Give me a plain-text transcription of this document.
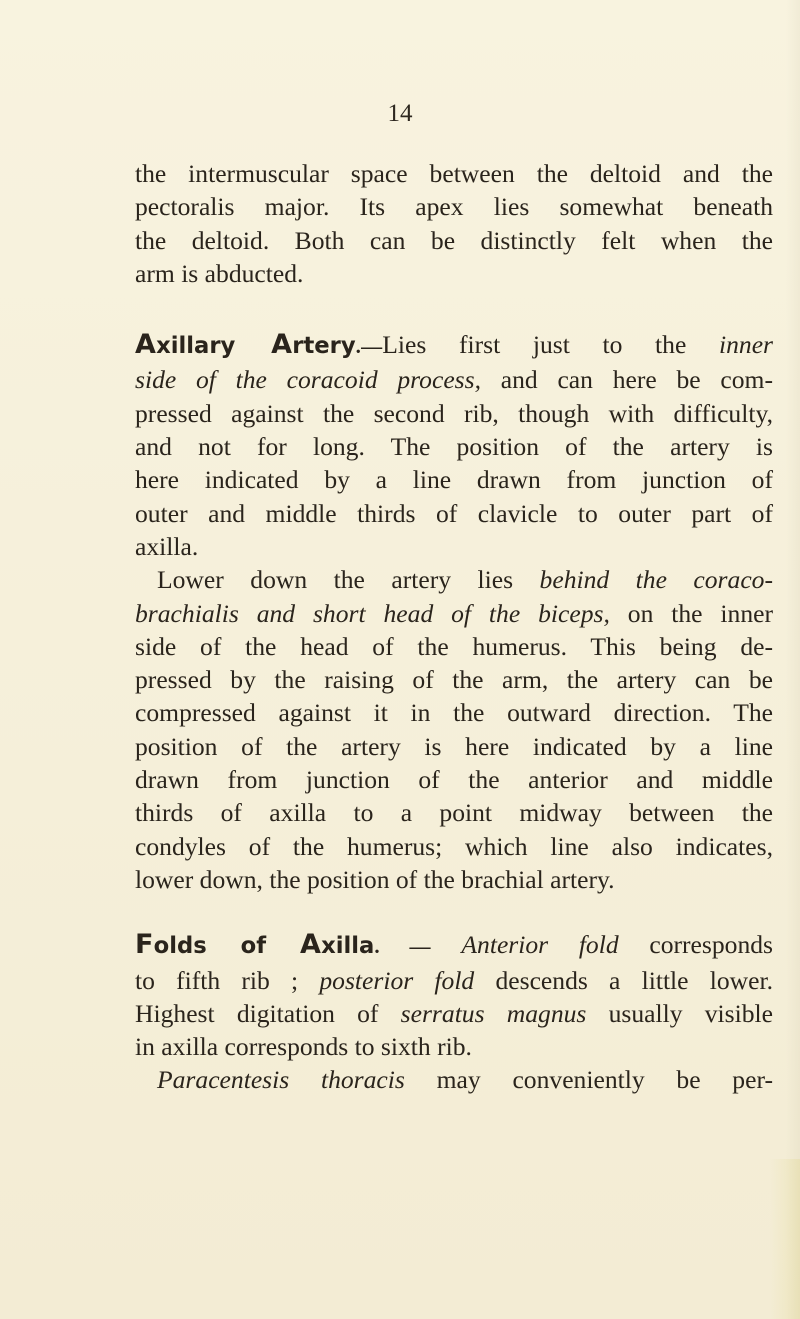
14
the intermuscular space between the deltoid and the
pectoralis major. Its apex lies somewhat beneath
the deltoid. Both can be distinctly felt when the
arm is abducted.
Axillary Artery.—Lies first just to the inner
side of the coracoid process, and can here be com-
pressed against the second rib, though with difficulty,
and not for long. The position of the artery is
here indicated by a line drawn from junction of
outer and middle thirds of clavicle to outer part of
axilla.
Lower down the artery lies behind the coraco-
brachialis and short head of the biceps, on the inner
side of the head of the humerus. This being de-
pressed by the raising of the arm, the artery can be
compressed against it in the outward direction. The
position of the artery is here indicated by a line
drawn from junction of the anterior and middle
thirds of axilla to a point midway between the
condyles of the humerus; which line also indicates,
lower down, the position of the brachial artery.
Folds of Axilla. — Anterior fold corresponds
to fifth rib ; posterior fold descends a little lower.
Highest digitation of serratus magnus usually visible
in axilla corresponds to sixth rib.
Paracentesis thoracis may conveniently be per-
